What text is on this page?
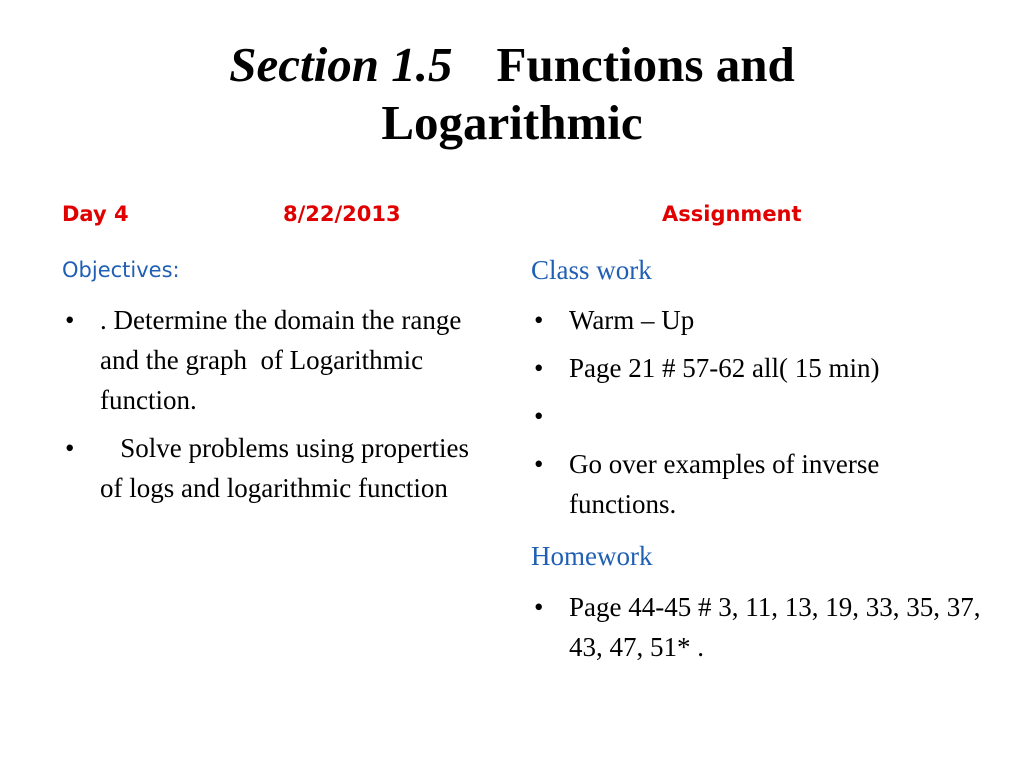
Section 1.5 Functions and
Logarithmic
Day 4	8/22/2013	Assignment
Objectives:
• . Determine the domain the range and the graph  of Logarithmic function.
• Solve problems using properties of logs and logarithmic function
Class work
• Warm – Up
• Page 21 # 57-62 all( 15 min)
•
• Go over examples of inverse functions.
Homework
• Page 44-45 # 3, 11, 13, 19, 33, 35, 37, 43, 47, 51* .
